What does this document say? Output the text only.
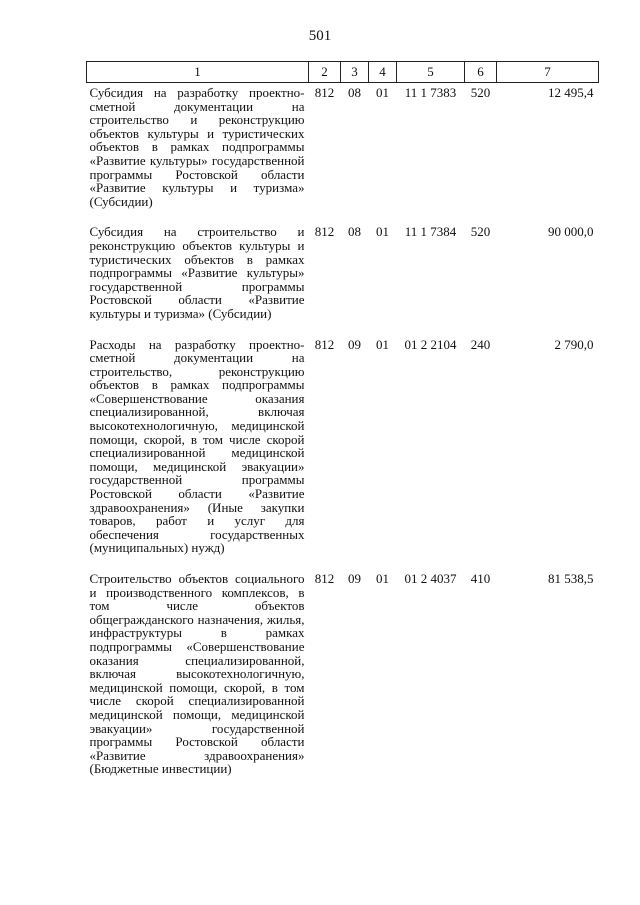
501
1	2	3	4	5	6	7
Субсидия на разработку проектно-сметной документации на строительство и реконструкцию объектов культуры и туристических объектов в рамках подпрограммы «Развитие культуры» государственной программы Ростовской области «Развитие культуры и туризма» (Субсидии)	812	08	01	11 1 7383	520	12 495,4
Субсидия на строительство и реконструкцию объектов культуры и туристических объектов в рамках подпрограммы «Развитие культуры» государственной программы Ростовской области «Развитие культуры и туризма» (Субсидии)	812	08	01	11 1 7384	520	90 000,0
Расходы на разработку проектно-сметной документации на строительство, реконструкцию объектов в рамках подпрограммы «Совершенствование оказания специализированной, включая высокотехнологичную, медицинской помощи, скорой, в том числе скорой специализированной медицинской помощи, медицинской эвакуации» государственной программы Ростовской области «Развитие здравоохранения» (Иные закупки товаров, работ и услуг для обеспечения государственных (муниципальных) нужд)	812	09	01	01 2 2104	240	2 790,0
Строительство объектов социального и производственного комплексов, в том числе объектов общегражданского назначения, жилья, инфраструктуры в рамках подпрограммы «Совершенствование оказания специализированной, включая высокотехнологичную, медицинской помощи, скорой, в том числе скорой специализированной медицинской помощи, медицинской эвакуации» государственной программы Ростовской области «Развитие здравоохранения» (Бюджетные инвестиции)	812	09	01	01 2 4037	410	81 538,5
